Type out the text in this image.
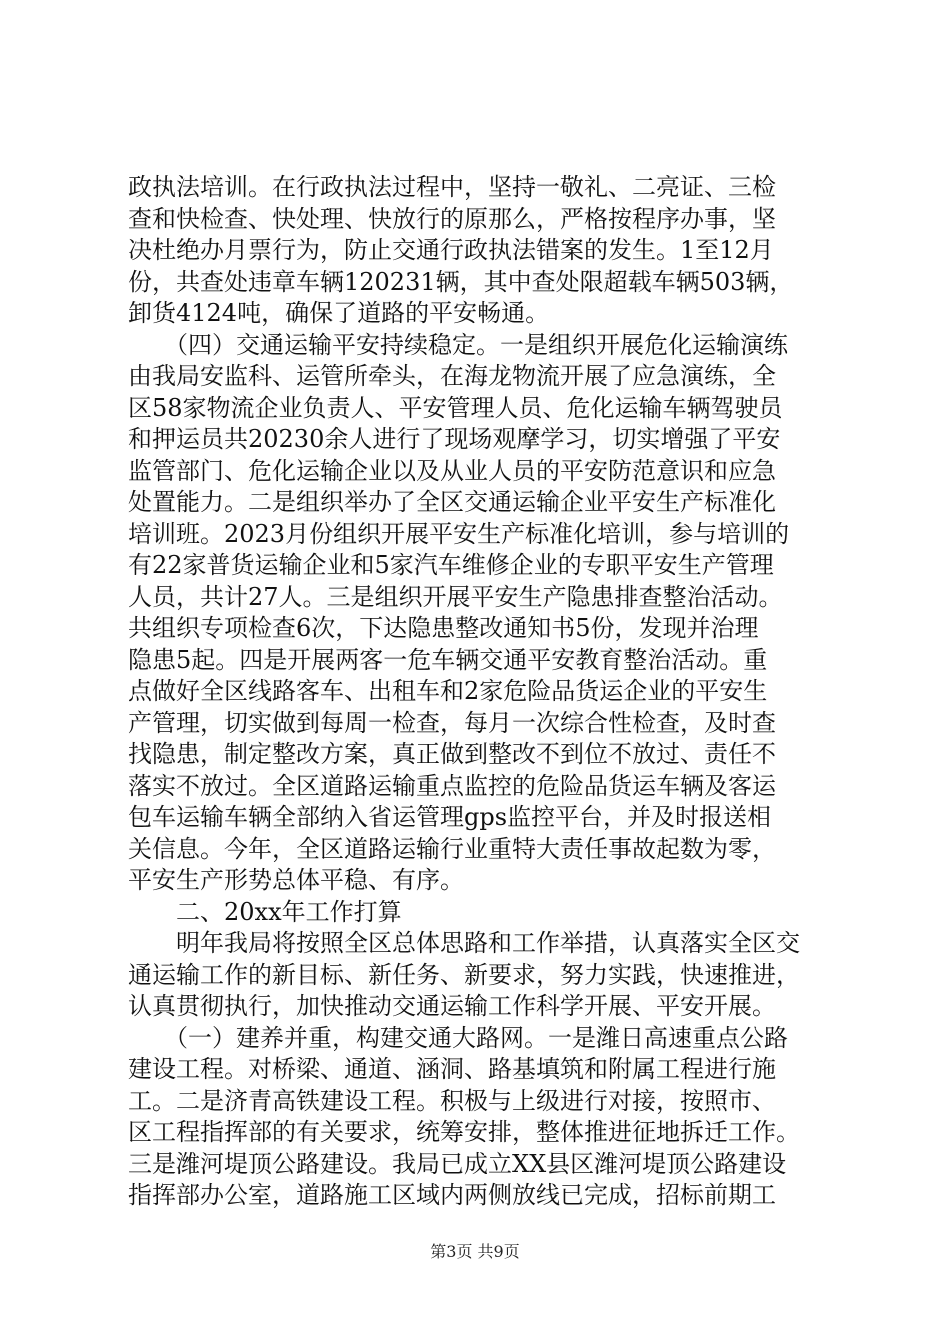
政执法培训。在行政执法过程中，坚持一敬礼、二亮证、三检
查和快检查、快处理、快放行的原那么，严格按程序办事，坚
决杜绝办月票行为，防止交通行政执法错案的发生。1至12月
份，共查处违章车辆120231辆，其中查处限超载车辆503辆，
卸货4124吨，确保了道路的平安畅通。
　　（四）交通运输平安持续稳定。一是组织开展危化运输演练
由我局安监科、运管所牵头，在海龙物流开展了应急演练，全
区58家物流企业负责人、平安管理人员、危化运输车辆驾驶员
和押运员共20230余人进行了现场观摩学习，切实增强了平安
监管部门、危化运输企业以及从业人员的平安防范意识和应急
处置能力。二是组织举办了全区交通运输企业平安生产标准化
培训班。2023月份组织开展平安生产标准化培训，参与培训的
有22家普货运输企业和5家汽车维修企业的专职平安生产管理
人员，共计27人。三是组织开展平安生产隐患排查整治活动。
共组织专项检查6次，下达隐患整改通知书5份，发现并治理
隐患5起。四是开展两客一危车辆交通平安教育整治活动。重
点做好全区线路客车、出租车和2家危险品货运企业的平安生
产管理，切实做到每周一检查，每月一次综合性检查，及时查
找隐患，制定整改方案，真正做到整改不到位不放过、责任不
落实不放过。全区道路运输重点监控的危险品货运车辆及客运
包车运输车辆全部纳入省运管理gps监控平台，并及时报送相
关信息。今年，全区道路运输行业重特大责任事故起数为零，
平安生产形势总体平稳、有序。
　　二、20xx年工作打算
　　明年我局将按照全区总体思路和工作举措，认真落实全区交
通运输工作的新目标、新任务、新要求，努力实践，快速推进，
认真贯彻执行，加快推动交通运输工作科学开展、平安开展。
　　（一）建养并重，构建交通大路网。一是潍日高速重点公路
建设工程。对桥梁、通道、涵洞、路基填筑和附属工程进行施
工。二是济青高铁建设工程。积极与上级进行对接，按照市、
区工程指挥部的有关要求，统筹安排，整体推进征地拆迁工作。
三是潍河堤顶公路建设。我局已成立XX县区潍河堤顶公路建设
指挥部办公室，道路施工区域内两侧放线已完成，招标前期工
第3页 共9页
